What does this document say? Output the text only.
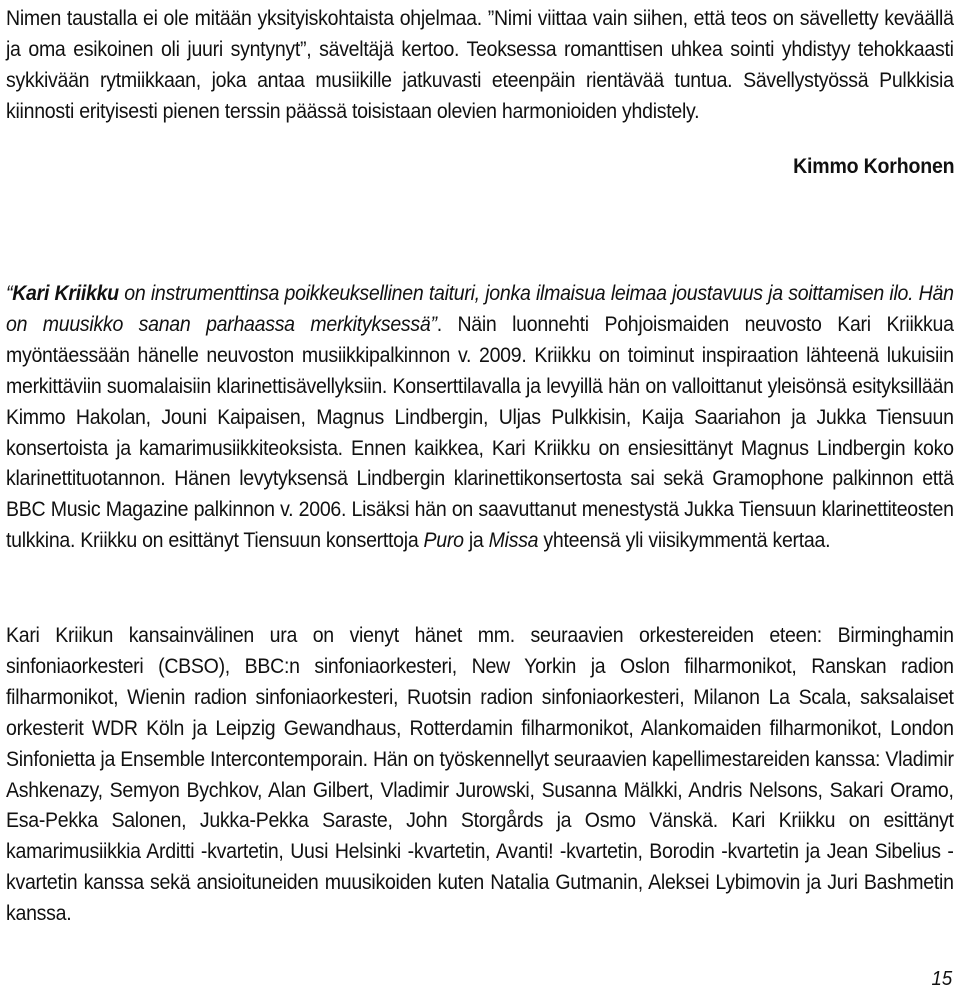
Nimen taustalla ei ole mitään yksityiskohtaista ohjelmaa. ”Nimi viittaa vain siihen, että teos on sävelletty keväällä ja oma esikoinen oli juuri syntynyt”, säveltäjä kertoo. Teoksessa romanttisen uhkea sointi yhdistyy tehokkaasti sykkivään rytmiikkaan, joka antaa musiikille jatkuvasti eteenpäin rientävää tuntua. Sävellystyössä Pulkkisia kiinnosti erityisesti pienen terssin päässä toisistaan olevien harmonioiden yhdistely.

Kimmo Korhonen

“Kari Kriikku on instrumenttinsa poikkeuksellinen taituri, jonka ilmaisua leimaa joustavuus ja soittamisen ilo. Hän on muusikko sanan parhaassa merkityksessä”. Näin luonnehti Pohjoismaiden neuvosto Kari Kriikkua myöntäessään hänelle neuvoston musiikkipalkinnon v. 2009. Kriikku on toiminut inspiraation lähteenä lukuisiin merkittäviin suomalaisiin klarinettisävellyksiin. Konserttilavalla ja levyillä hän on valloittanut yleisönsä esityksillään Kimmo Hakolan, Jouni Kaipaisen, Magnus Lindbergin, Uljas Pulkkisin, Kaija Saariahon ja Jukka Tiensuun konsertoista ja kamarimusiikkiteoksista. Ennen kaikkea, Kari Kriikku on ensiesittänyt Magnus Lindbergin koko klarinettituotannon. Hänen levytyksensä Lindbergin klarinettikonsertosta sai sekä Gramophone palkinnon että BBC Music Magazine palkinnon v. 2006. Lisäksi hän on saavuttanut menestystä Jukka Tiensuun klarinettiteosten tulkkina. Kriikku on esittänyt Tiensuun konserttoja Puro ja Missa yhteensä yli viisikymmentä kertaa.

Kari Kriikun kansainvälinen ura on vienyt hänet mm. seuraavien orkestereiden eteen: Birminghamin sinfoniaorkesteri (CBSO), BBC:n sinfoniaorkesteri, New Yorkin ja Oslon filharmonikot, Ranskan radion filharmonikot, Wienin radion sinfoniaorkesteri, Ruotsin radion sinfoniaorkesteri, Milanon La Scala, saksalaiset orkesterit WDR Köln ja Leipzig Gewandhaus, Rotterdamin filharmonikot, Alankomaiden filharmonikot, London Sinfonietta ja Ensemble Intercontemporain. Hän on työskennellyt seuraavien kapellimestareiden kanssa: Vladimir Ashkenazy, Semyon Bychkov, Alan Gilbert, Vladimir Jurowski, Susanna Mälkki, Andris Nelsons, Sakari Oramo, Esa-Pekka Salonen, Jukka-Pekka Saraste, John Storgårds ja Osmo Vänskä. Kari Kriikku on esittänyt kamarimusiikkia Arditti -kvartetin, Uusi Helsinki -kvartetin, Avanti! -kvartetin, Borodin -kvartetin ja Jean Sibelius -kvartetin kanssa sekä ansioituneiden muusikoiden kuten Natalia Gutmanin, Aleksei Lybimovin ja Juri Bashmetin kanssa.

15
